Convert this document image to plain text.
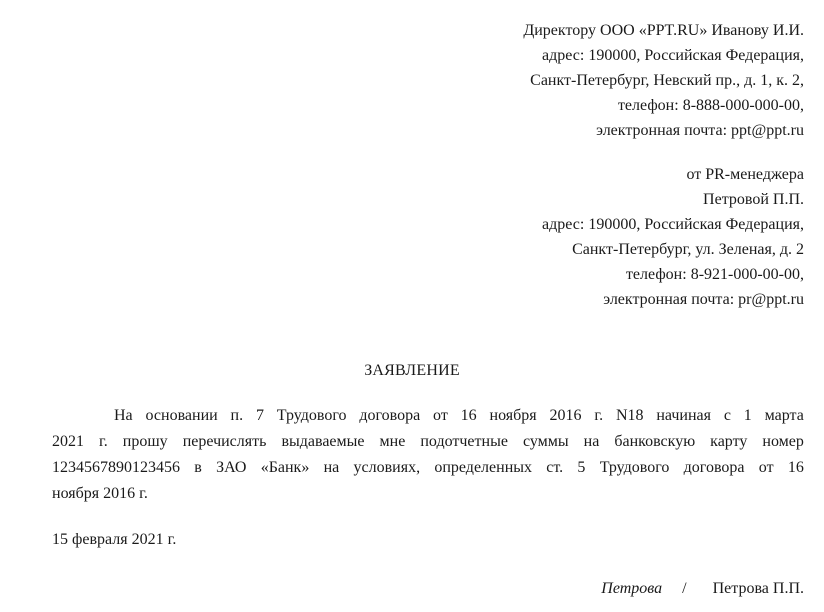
Директору ООО «PPT.RU» Иванову И.И.
адрес: 190000, Российская Федерация,
Санкт-Петербург, Невский пр., д. 1, к. 2,
телефон: 8-888-000-000-00,
электронная почта: ppt@ppt.ru
от PR-менеджера
Петровой П.П.
адрес: 190000, Российская Федерация,
Санкт-Петербург, ул. Зеленая, д. 2
телефон: 8-921-000-00-00,
электронная почта: pr@ppt.ru
ЗАЯВЛЕНИЕ
На основании п. 7 Трудового договора от 16 ноября 2016 г. N18 начиная с 1 марта
2021 г. прошу перечислять выдаваемые мне подотчетные суммы на банковскую карту номер
1234567890123456 в ЗАО «Банк» на условиях, определенных ст. 5 Трудового договора от 16
ноября 2016 г.
15 февраля 2021 г.
Петрова / Петрова П.П.
